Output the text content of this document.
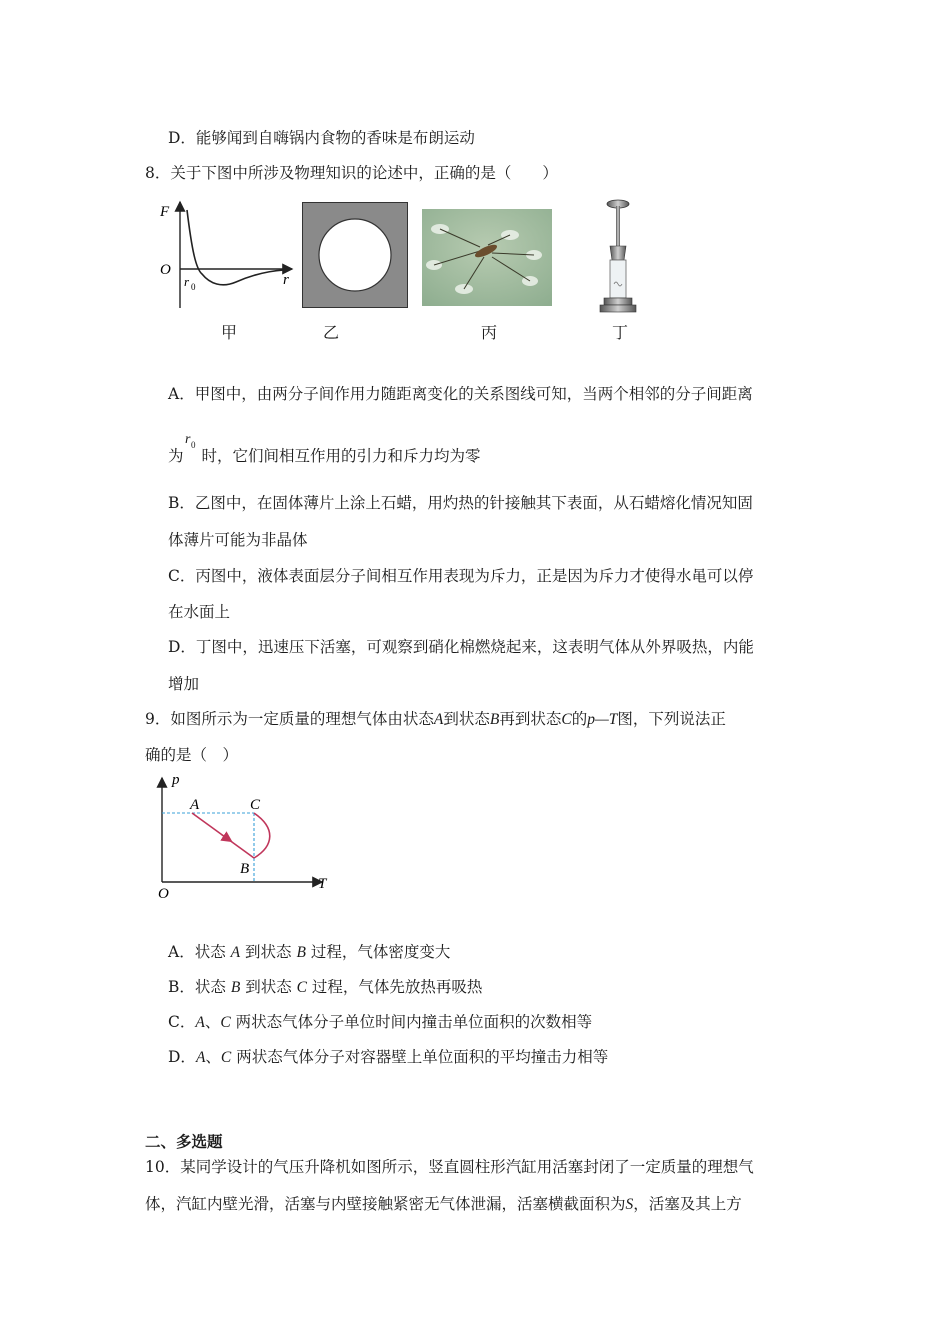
D．能够闻到自嗨锅内食物的香味是布朗运动
8．关于下图中所涉及物理知识的论述中，正确的是（　　）
F
O
r 0	r
甲	乙	丙	丁
A．甲图中，由两分子间作用力随距离变化的关系图线可知，当两个相邻的分子间距离
为 时，它们间相互作用的引力和斥力均为零
r 0
B．乙图中，在固体薄片上涂上石蜡，用灼热的针接触其下表面，从石蜡熔化情况知固
体薄片可能为非晶体
C．丙图中，液体表面层分子间相互作用表现为斥力，正是因为斥力才使得水黾可以停
在水面上
D．丁图中，迅速压下活塞，可观察到硝化棉燃烧起来，这表明气体从外界吸热，内能
增加
9．如图所示为一定质量的理想气体由状态A到状态B再到状态C的p—T图，下列说法正
确的是（　）
p
T
O
A	C
B
A．状态 A 到状态 B 过程，气体密度变大
B．状态 B 到状态 C 过程，气体先放热再吸热
C．A、C 两状态气体分子单位时间内撞击单位面积的次数相等
D．A、C 两状态气体分子对容器壁上单位面积的平均撞击力相等
二、多选题
10．某同学设计的气压升降机如图所示，竖直圆柱形汽缸用活塞封闭了一定质量的理想气
体，汽缸内壁光滑，活塞与内壁接触紧密无气体泄漏，活塞横截面积为S，活塞及其上方
